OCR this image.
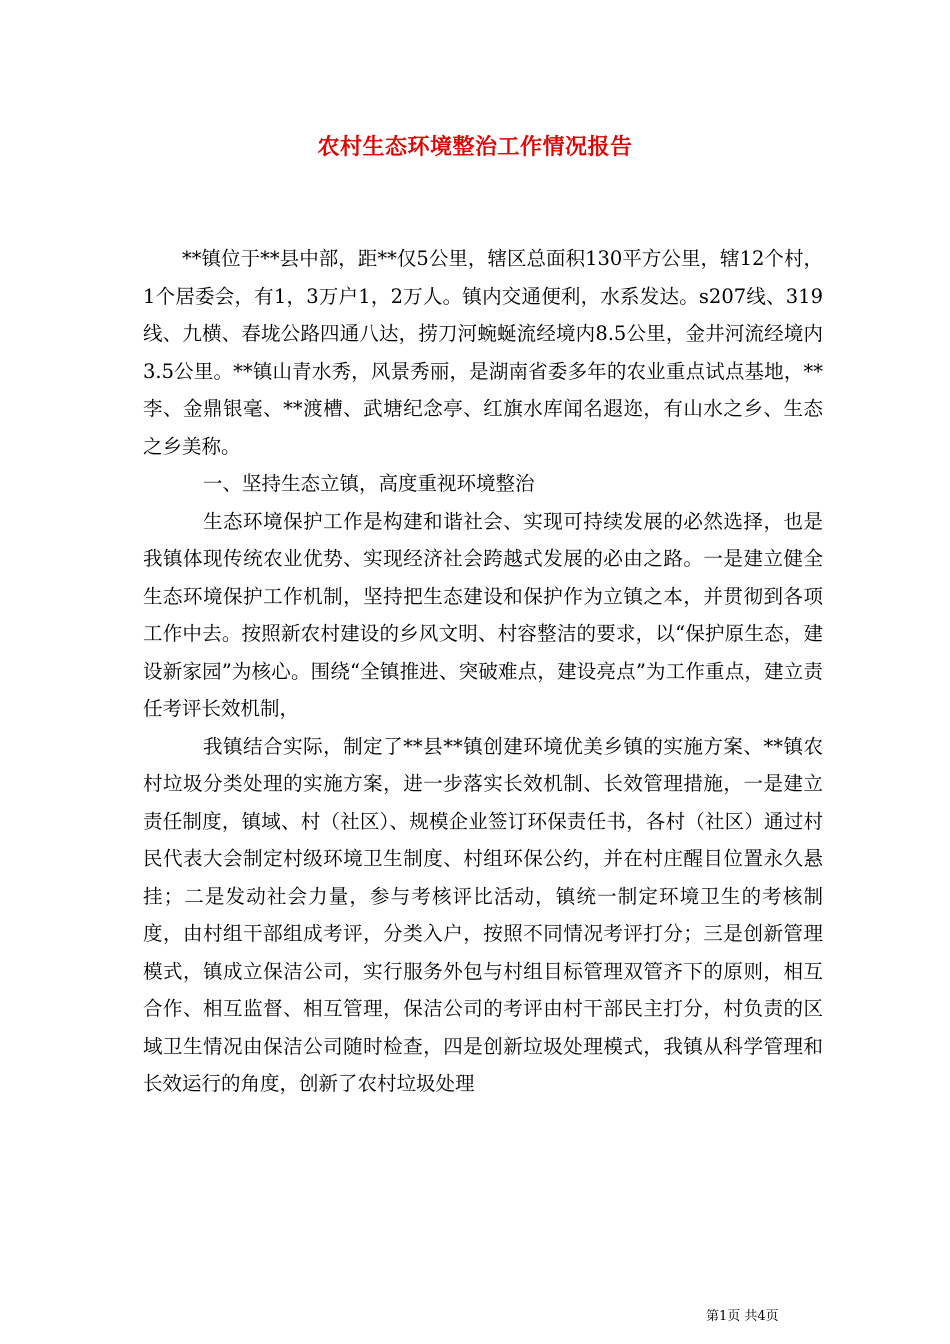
农村生态环境整治工作情况报告

**镇位于**县中部，距**仅5公里，辖区总面积130平方公里，辖12个村，1个居委会，有1，3万户1，2万人。镇内交通便利，水系发达。s207线、319线、九横、春垅公路四通八达，捞刀河蜿蜒流经境内8.5公里，金井河流经境内3.5公里。**镇山青水秀，风景秀丽，是湖南省委多年的农业重点试点基地，**李、金鼎银毫、**渡槽、武塘纪念亭、红旗水库闻名遐迩，有山水之乡、生态之乡美称。

一、坚持生态立镇，高度重视环境整治

生态环境保护工作是构建和谐社会、实现可持续发展的必然选择，也是我镇体现传统农业优势、实现经济社会跨越式发展的必由之路。一是建立健全生态环境保护工作机制，坚持把生态建设和保护作为立镇之本，并贯彻到各项工作中去。按照新农村建设的乡风文明、村容整洁的要求，以“保护原生态，建设新家园”为核心。围绕“全镇推进、突破难点，建设亮点”为工作重点，建立责任考评长效机制，

我镇结合实际，制定了**县**镇创建环境优美乡镇的实施方案、**镇农村垃圾分类处理的实施方案，进一步落实长效机制、长效管理措施，一是建立责任制度，镇域、村（社区）、规模企业签订环保责任书，各村（社区）通过村民代表大会制定村级环境卫生制度、村组环保公约，并在村庄醒目位置永久悬挂；二是发动社会力量，参与考核评比活动，镇统一制定环境卫生的考核制度，由村组干部组成考评，分类入户，按照不同情况考评打分；三是创新管理模式，镇成立保洁公司，实行服务外包与村组目标管理双管齐下的原则，相互合作、相互监督、相互管理，保洁公司的考评由村干部民主打分，村负责的区域卫生情况由保洁公司随时检查，四是创新垃圾处理模式，我镇从科学管理和长效运行的角度，创新了农村垃圾处理

第1页 共4页
